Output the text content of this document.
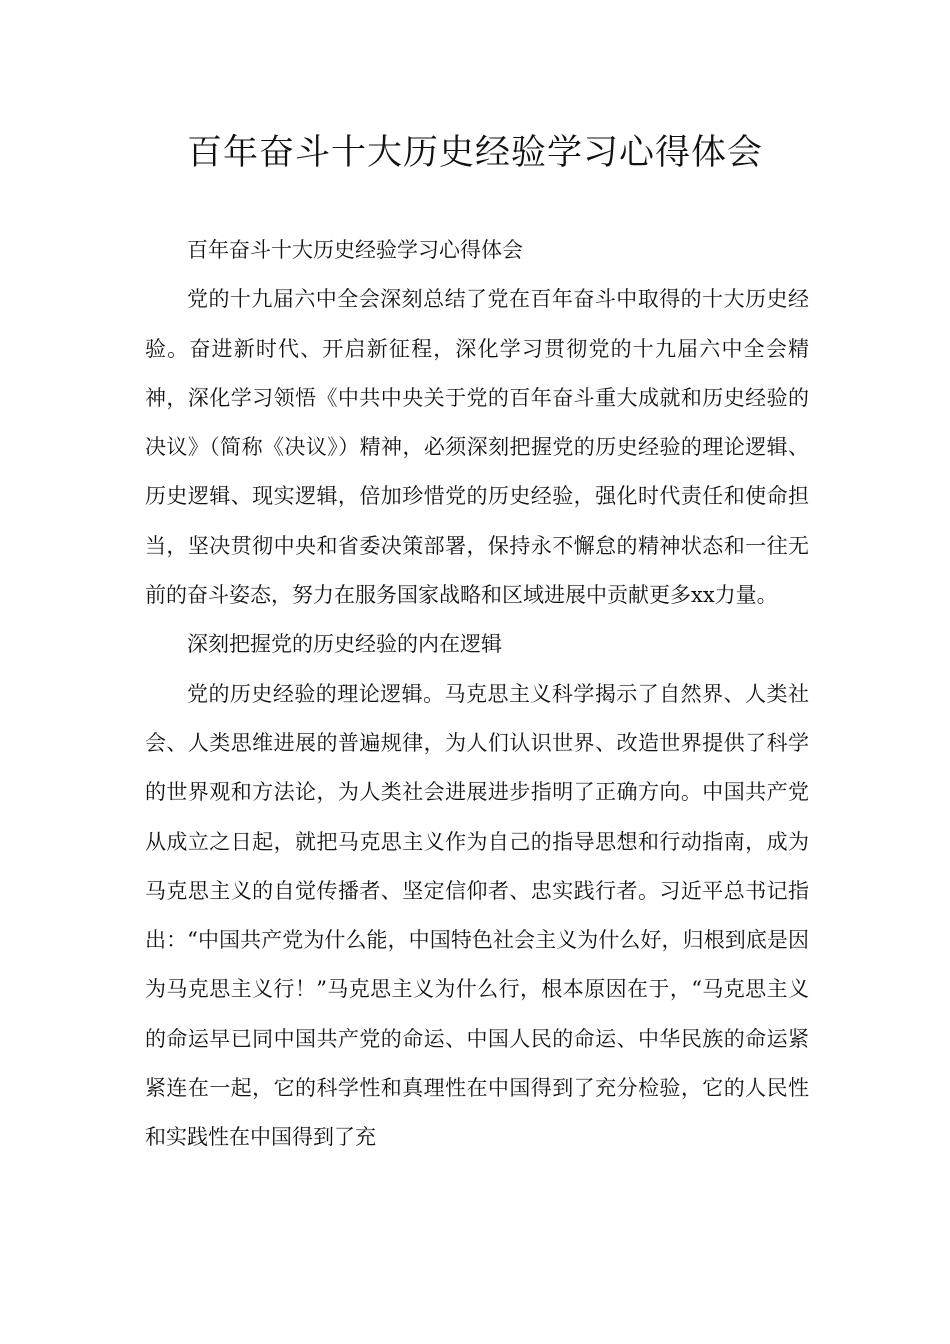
百年奋斗十大历史经验学习心得体会

百年奋斗十大历史经验学习心得体会

党的十九届六中全会深刻总结了党在百年奋斗中取得的十大历史经验。奋进新时代、开启新征程，深化学习贯彻党的十九届六中全会精神，深化学习领悟《中共中央关于党的百年奋斗重大成就和历史经验的决议》（简称《决议》）精神，必须深刻把握党的历史经验的理论逻辑、历史逻辑、现实逻辑，倍加珍惜党的历史经验，强化时代责任和使命担当，坚决贯彻中央和省委决策部署，保持永不懈怠的精神状态和一往无前的奋斗姿态，努力在服务国家战略和区域进展中贡献更多xx力量。

深刻把握党的历史经验的内在逻辑

党的历史经验的理论逻辑。马克思主义科学揭示了自然界、人类社会、人类思维进展的普遍规律，为人们认识世界、改造世界提供了科学的世界观和方法论，为人类社会进展进步指明了正确方向。中国共产党从成立之日起，就把马克思主义作为自己的指导思想和行动指南，成为马克思主义的自觉传播者、坚定信仰者、忠实践行者。习近平总书记指出：“中国共产党为什么能，中国特色社会主义为什么好，归根到底是因为马克思主义行！”马克思主义为什么行，根本原因在于，“马克思主义的命运早已同中国共产党的命运、中国人民的命运、中华民族的命运紧紧连在一起，它的科学性和真理性在中国得到了充分检验，它的人民性和实践性在中国得到了充
